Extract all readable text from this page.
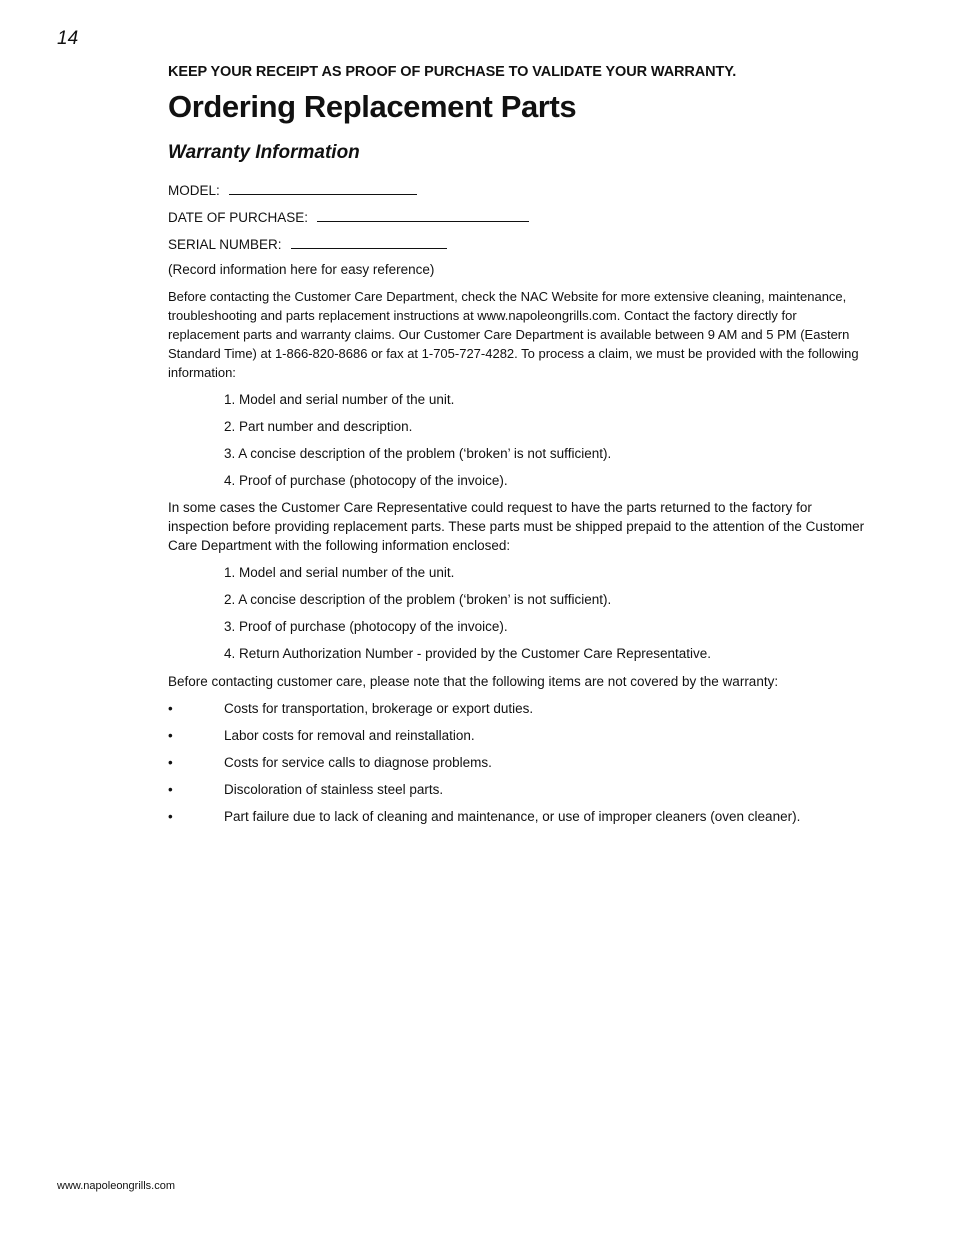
14

KEEP YOUR RECEIPT AS PROOF OF PURCHASE TO VALIDATE YOUR WARRANTY.

Ordering Replacement Parts
Warranty Information
MODEL:
DATE OF PURCHASE:
SERIAL NUMBER:

(Record information here for easy reference)

Before contacting the Customer Care Department, check the NAC Website for more extensive cleaning, maintenance, troubleshooting and parts replacement instructions at www.napoleongrills.com. Contact the factory directly for replacement parts and warranty claims. Our Customer Care Department is available between 9 AM and 5 PM (Eastern Standard Time) at 1-866-820-8686 or fax at 1-705-727-4282. To process a claim, we must be provided with the following information:

1. Model and serial number of the unit.
2. Part number and description.
3. A concise description of the problem (‘broken’ is not sufficient).
4. Proof of purchase (photocopy of the invoice).

In some cases the Customer Care Representative could request to have the parts returned to the factory for inspection before providing replacement parts. These parts must be shipped prepaid to the attention of the Customer Care Department with the following information enclosed:

1. Model and serial number of the unit.
2. A concise description of the problem (‘broken’ is not sufficient).
3. Proof of purchase (photocopy of the invoice).
4. Return Authorization Number - provided by the Customer Care Representative.

Before contacting customer care, please note that the following items are not covered by the warranty:

•	Costs for transportation, brokerage or export duties.
•	Labor costs for removal and reinstallation.
•	Costs for service calls to diagnose problems.
•	Discoloration of stainless steel parts.
•	Part failure due to lack of cleaning and maintenance, or use of improper cleaners (oven cleaner).
www.napoleongrills.com
